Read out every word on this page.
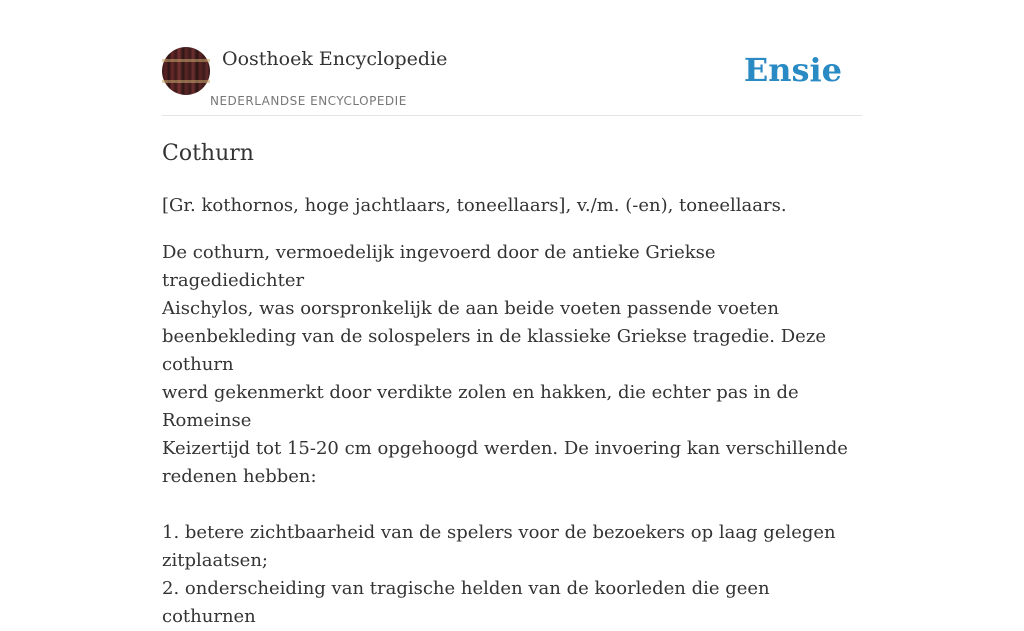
Oosthoek Encyclopedie
NEDERLANDSE ENCYCLOPEDIE
Ensie
Cothurn

[Gr. kothornos, hoge jachtlaars, toneellaars], v./m. (-en), toneellaars.

De cothurn, vermoedelijk ingevoerd door de antieke Griekse tragediedichter

Aischylos, was oorspronkelijk de aan beide voeten passende voeten

beenbekleding van de solospelers in de klassieke Griekse tragedie. Deze cothurn

werd gekenmerkt door verdikte zolen en hakken, die echter pas in de Romeinse

Keizertijd tot 15-20 cm opgehoogd werden. De invoering kan verschillende

redenen hebben:

1. betere zichtbaarheid van de spelers voor de bezoekers op laag gelegen

zitplaatsen;

2. onderscheiding van tragische helden van de koorleden die geen cothurnen
